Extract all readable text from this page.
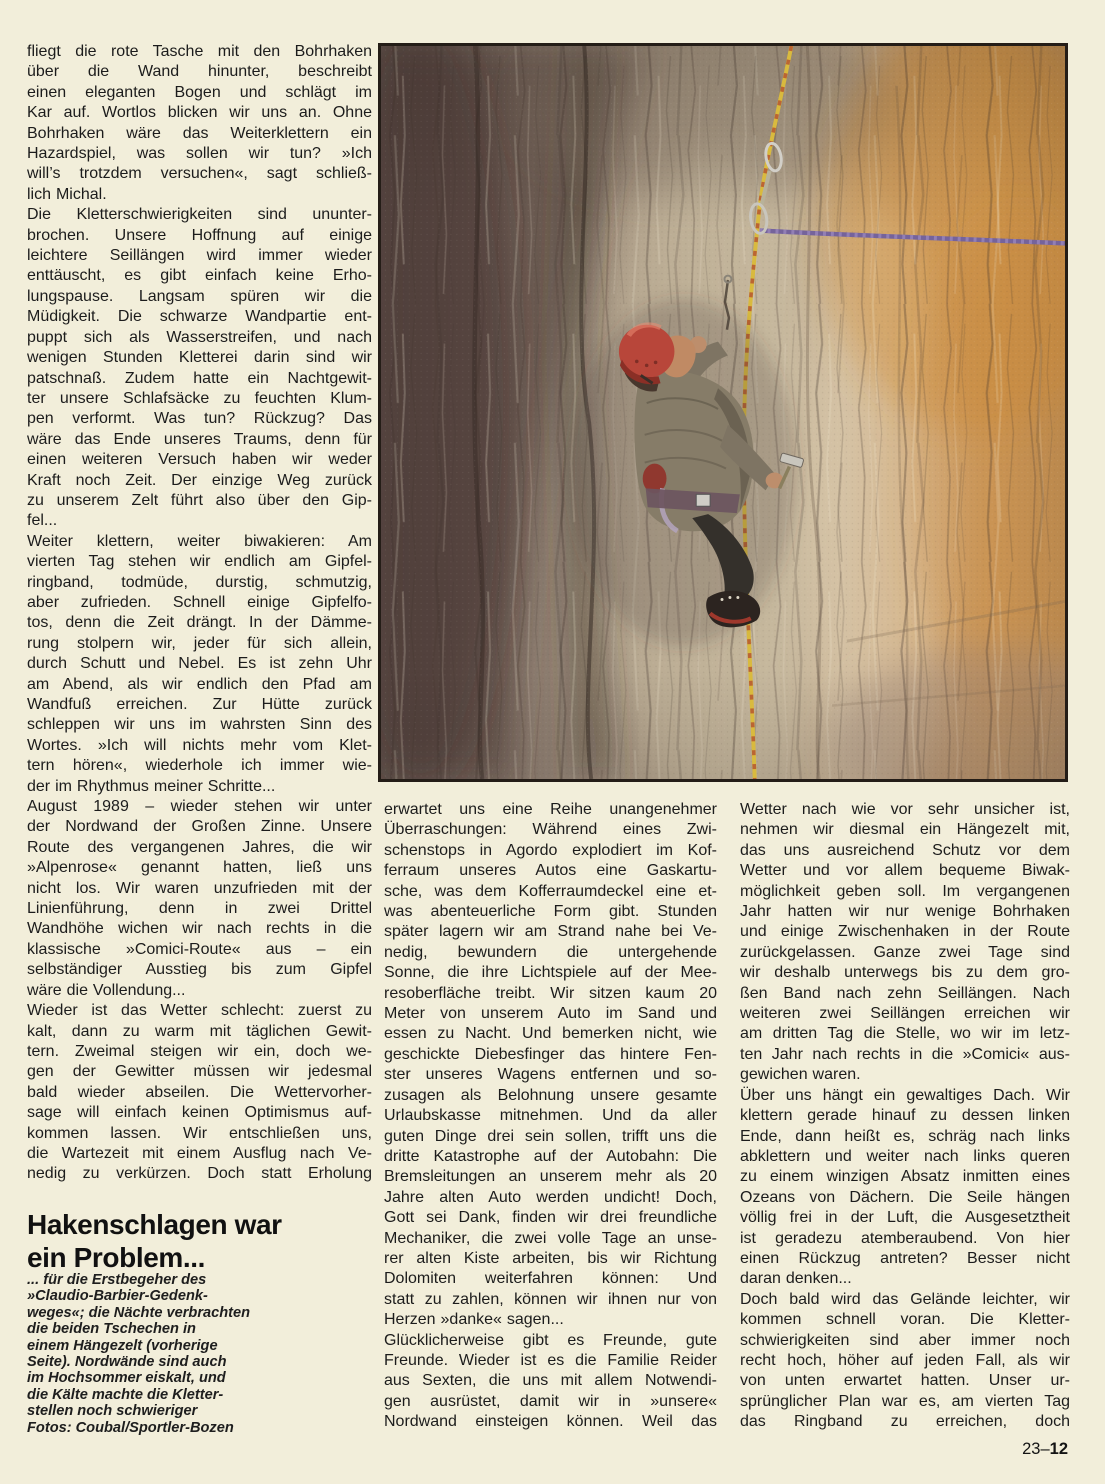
fliegt die rote Tasche mit den Bohrhaken
über die Wand hinunter, beschreibt
einen eleganten Bogen und schlägt im
Kar auf. Wortlos blicken wir uns an. Ohne
Bohrhaken wäre das Weiterklettern ein
Hazardspiel, was sollen wir tun? »Ich
will’s trotzdem versuchen«, sagt schließ-
lich Michal.
Die Kletterschwierigkeiten sind ununter-
brochen. Unsere Hoffnung auf einige
leichtere Seillängen wird immer wieder
enttäuscht, es gibt einfach keine Erho-
lungspause. Langsam spüren wir die
Müdigkeit. Die schwarze Wandpartie ent-
puppt sich als Wasserstreifen, und nach
wenigen Stunden Kletterei darin sind wir
patschnaß. Zudem hatte ein Nachtgewit-
ter unsere Schlafsäcke zu feuchten Klum-
pen verformt. Was tun? Rückzug? Das
wäre das Ende unseres Traums, denn für
einen weiteren Versuch haben wir weder
Kraft noch Zeit. Der einzige Weg zurück
zu unserem Zelt führt also über den Gip-
fel...
Weiter klettern, weiter biwakieren: Am
vierten Tag stehen wir endlich am Gipfel-
ringband, todmüde, durstig, schmutzig,
aber zufrieden. Schnell einige Gipfelfo-
tos, denn die Zeit drängt. In der Dämme-
rung stolpern wir, jeder für sich allein,
durch Schutt und Nebel. Es ist zehn Uhr
am Abend, als wir endlich den Pfad am
Wandfuß erreichen. Zur Hütte zurück
schleppen wir uns im wahrsten Sinn des
Wortes. »Ich will nichts mehr vom Klet-
tern hören«, wiederhole ich immer wie-
der im Rhythmus meiner Schritte...
August 1989 – wieder stehen wir unter
der Nordwand der Großen Zinne. Unsere
Route des vergangenen Jahres, die wir
»Alpenrose« genannt hatten, ließ uns
nicht los. Wir waren unzufrieden mit der
Linienführung, denn in zwei Drittel
Wandhöhe wichen wir nach rechts in die
klassische »Comici-Route« aus – ein
selbständiger Ausstieg bis zum Gipfel
wäre die Vollendung...
Wieder ist das Wetter schlecht: zuerst zu
kalt, dann zu warm mit täglichen Gewit-
tern. Zweimal steigen wir ein, doch we-
gen der Gewitter müssen wir jedesmal
bald wieder abseilen. Die Wettervorher-
sage will einfach keinen Optimismus auf-
kommen lassen. Wir entschließen uns,
die Wartezeit mit einem Ausflug nach Ve-
nedig zu verkürzen. Doch statt Erholung
Hakenschlagen war
ein Problem...
... für die Erstbegeher des
»Claudio-Barbier-Gedenk-
weges«; die Nächte verbrachten
die beiden Tschechen in
einem Hängezelt (vorherige
Seite). Nordwände sind auch
im Hochsommer eiskalt, und
die Kälte machte die Kletter-
stellen noch schwieriger
Fotos: Coubal/Sportler-Bozen
erwartet uns eine Reihe unangenehmer
Überraschungen: Während eines Zwi-
schenstops in Agordo explodiert im Kof-
ferraum unseres Autos eine Gaskartu-
sche, was dem Kofferraumdeckel eine et-
was abenteuerliche Form gibt. Stunden
später lagern wir am Strand nahe bei Ve-
nedig, bewundern die untergehende
Sonne, die ihre Lichtspiele auf der Mee-
resoberfläche treibt. Wir sitzen kaum 20
Meter von unserem Auto im Sand und
essen zu Nacht. Und bemerken nicht, wie
geschickte Diebesfinger das hintere Fen-
ster unseres Wagens entfernen und so-
zusagen als Belohnung unsere gesamte
Urlaubskasse mitnehmen. Und da aller
guten Dinge drei sein sollen, trifft uns die
dritte Katastrophe auf der Autobahn: Die
Bremsleitungen an unserem mehr als 20
Jahre alten Auto werden undicht! Doch,
Gott sei Dank, finden wir drei freundliche
Mechaniker, die zwei volle Tage an unse-
rer alten Kiste arbeiten, bis wir Richtung
Dolomiten weiterfahren können: Und
statt zu zahlen, können wir ihnen nur von
Herzen »danke« sagen...
Glücklicherweise gibt es Freunde, gute
Freunde. Wieder ist es die Familie Reider
aus Sexten, die uns mit allem Notwendi-
gen ausrüstet, damit wir in »unsere«
Nordwand einsteigen können. Weil das
Wetter nach wie vor sehr unsicher ist,
nehmen wir diesmal ein Hängezelt mit,
das uns ausreichend Schutz vor dem
Wetter und vor allem bequeme Biwak-
möglichkeit geben soll. Im vergangenen
Jahr hatten wir nur wenige Bohrhaken
und einige Zwischenhaken in der Route
zurückgelassen. Ganze zwei Tage sind
wir deshalb unterwegs bis zu dem gro-
ßen Band nach zehn Seillängen. Nach
weiteren zwei Seillängen erreichen wir
am dritten Tag die Stelle, wo wir im letz-
ten Jahr nach rechts in die »Comici« aus-
gewichen waren.
Über uns hängt ein gewaltiges Dach. Wir
klettern gerade hinauf zu dessen linken
Ende, dann heißt es, schräg nach links
abklettern und weiter nach links queren
zu einem winzigen Absatz inmitten eines
Ozeans von Dächern. Die Seile hängen
völlig frei in der Luft, die Ausgesetztheit
ist geradezu atemberaubend. Von hier
einen Rückzug antreten? Besser nicht
daran denken...
Doch bald wird das Gelände leichter, wir
kommen schnell voran. Die Kletter-
schwierigkeiten sind aber immer noch
recht hoch, höher auf jeden Fall, als wir
von unten erwartet hatten. Unser ur-
sprünglicher Plan war es, am vierten Tag
das Ringband zu erreichen, doch
23–12
